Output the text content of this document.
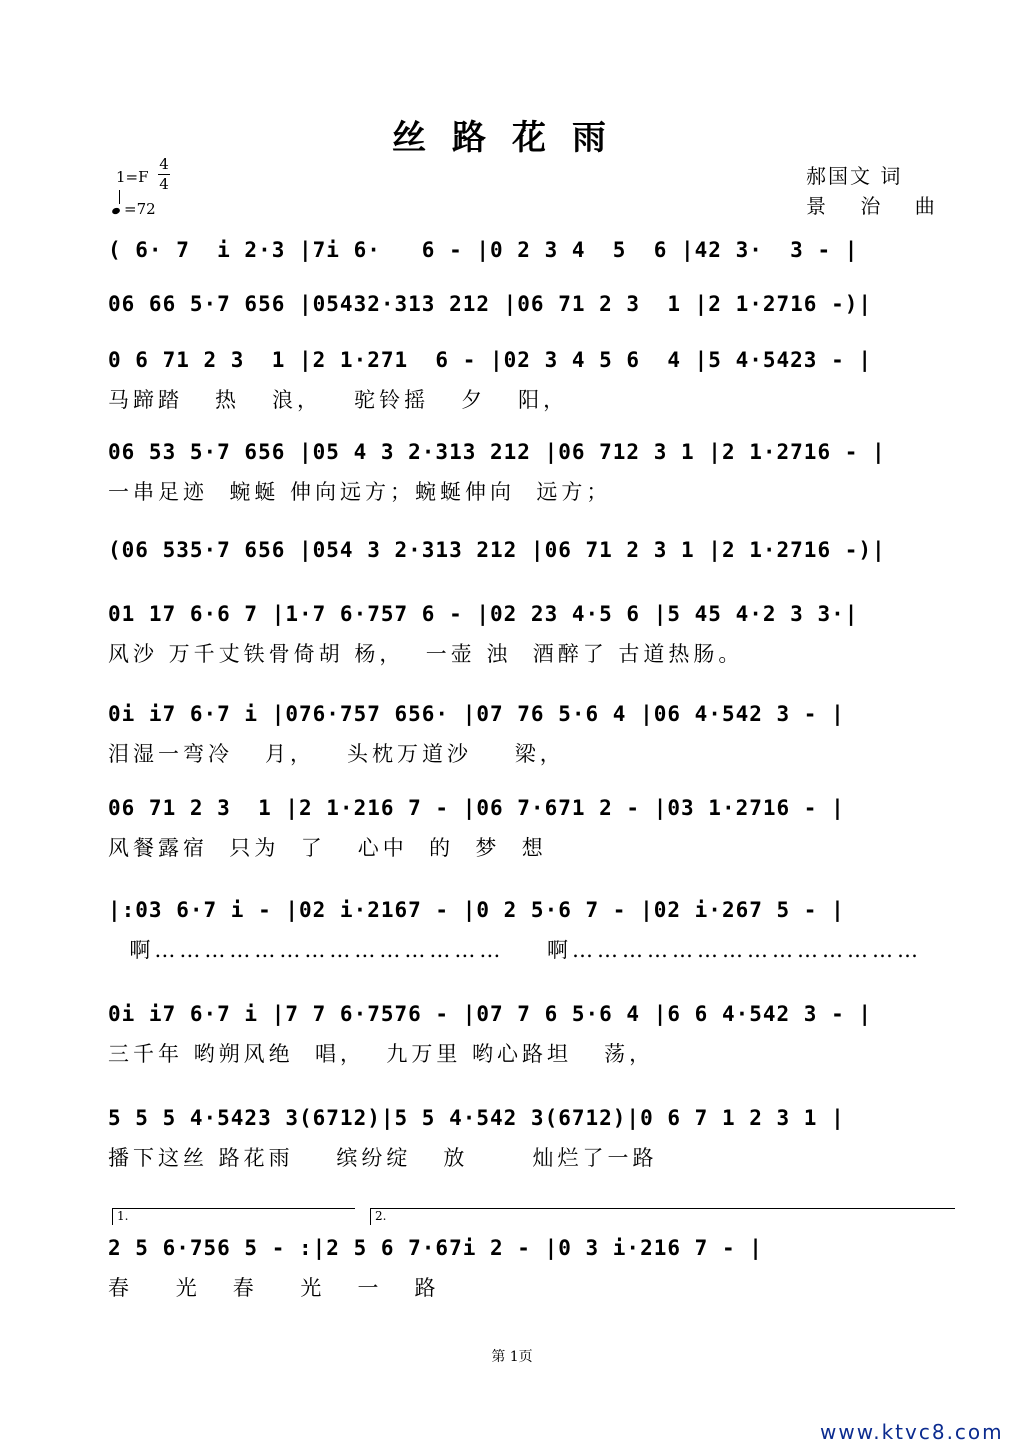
丝路花雨
1=F
4
4
=72
郝国文 词
景 治 曲
( 6· 7  i 2·3 |7i 6·   6 - |0 2 3 4  5  6 |42 3·  3 - |
06 66 5·7 656 |05432·313 212 |06 71 2 3  1 |2 1·2716 -)|
0 6 71 2 3  1 |2 1·271  6 - |02 3 4 5 6  4 |5 4·5423 - |
马蹄踏   热   浪，   驼铃摇   夕   阳，
06 53 5·7 656 |05 4 3 2·313 212 |06 712 3 1 |2 1·2716 - |
一串足迹  蜿蜒 伸向远方；蜿蜒伸向  远方；
(06 535·7 656 |054 3 2·313 212 |06 71 2 3 1 |2 1·2716 -)|
01 17 6·6 7 |1·7 6·757 6 - |02 23 4·5 6 |5 45 4·2 3 3·|
风沙 万千丈铁骨倚胡 杨，  一壶 浊  酒醉了 古道热肠。
0i i7 6·7 i |076·757 656· |07 76 5·6 4 |06 4·542 3 - |
泪湿一弯冷   月，   头枕万道沙    梁，
06 71 2 3  1 |2 1·216 7 - |06 7·671 2 - |03 1·2716 - |
风餐露宿  只为  了   心中  的  梦  想
|:03 6·7 i - |02 i·2167 - |0 2 5·6 7 - |02 i·267 5 - |
啊……………………………………    啊……………………………………
0i i7 6·7 i |7 7 6·7576 - |07 7 6 5·6 4 |6 6 4·542 3 - |
三千年 哟朔风绝  唱，  九万里 哟心路坦   荡，
5 5 5 4·5423 3(6712)|5 5 4·542 3(6712)|0 6 7 1 2 3 1 |
播下这丝 路花雨    缤纷绽   放      灿烂了一路
2 5 6·756 5 - :|2 5 6 7·67i 2 - |0 3 i·216 7 - |
春    光   春    光   一   路
1.	2.
第 1页
www.ktvc8.com
